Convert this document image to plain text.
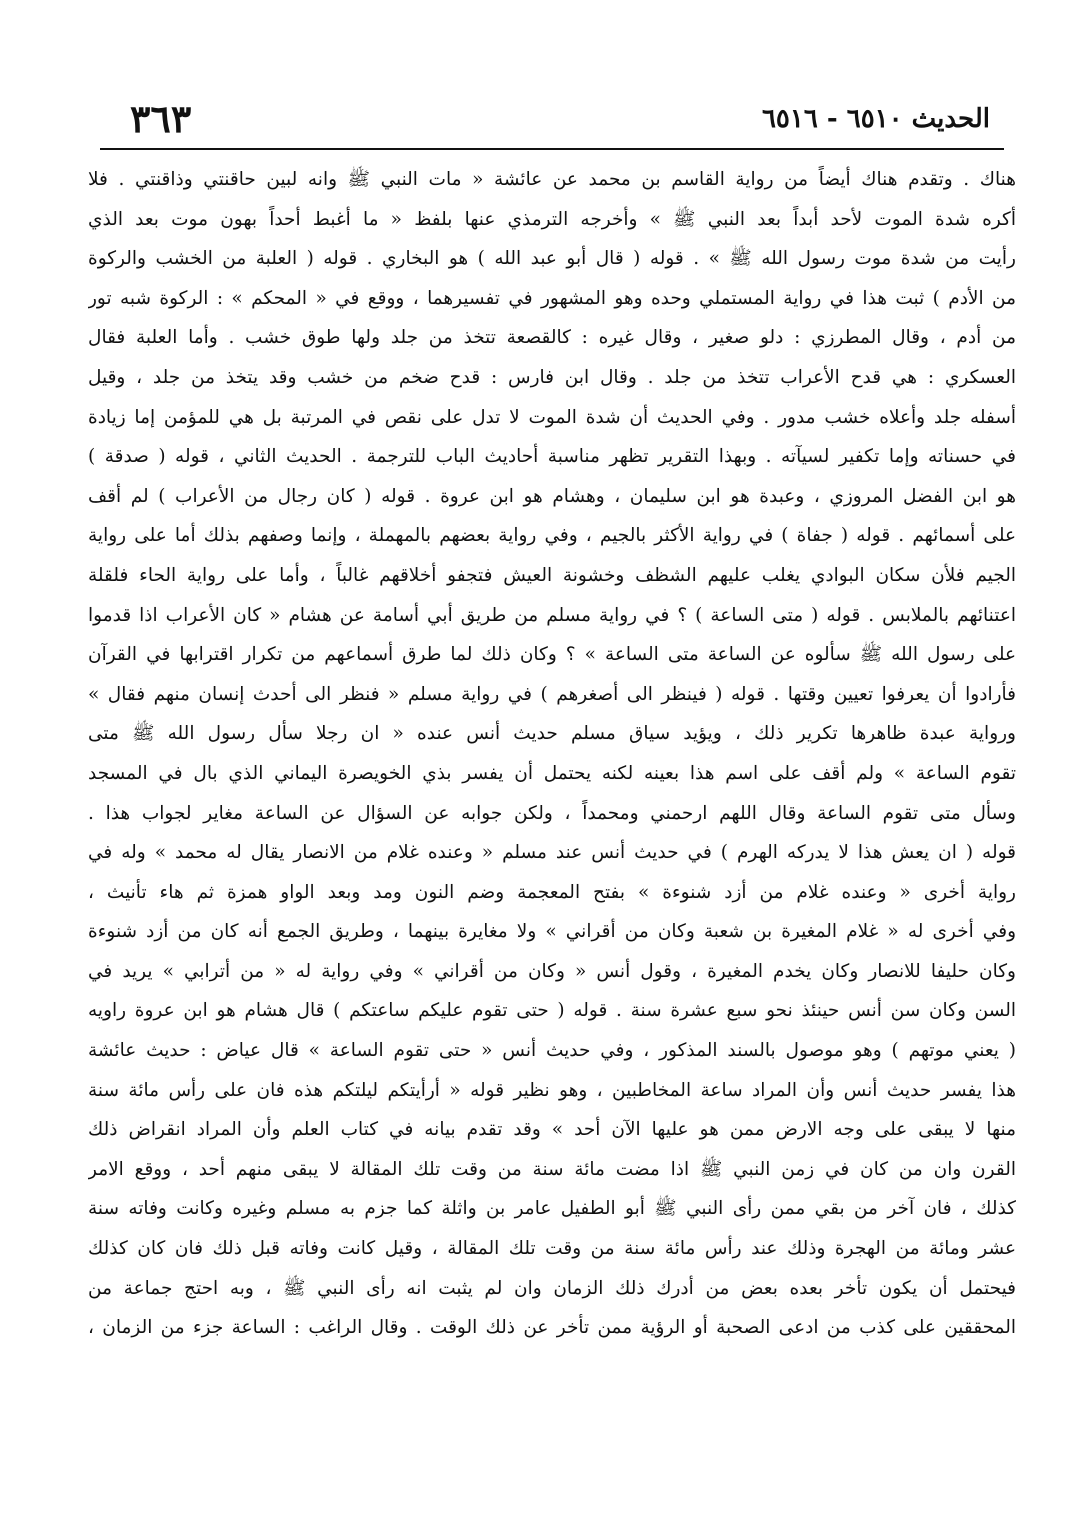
الحديث ٦٥١٠ - ٦٥١٦
٣٦٣
هناك . وتقدم هناك أيضاً من رواية القاسم بن محمد عن عائشة « مات النبي ﷺ وانه لبين حاقنتي وذاقنتي . فلا
أكره شدة الموت لأحد أبداً بعد النبي ﷺ » وأخرجه الترمذي عنها بلفظ « ما أغبط أحداً بهون موت بعد الذي
رأيت من شدة موت رسول الله ﷺ » . قوله ( قال أبو عبد الله ) هو البخاري . قوله ( العلبة من الخشب والركوة
من الأدم ) ثبت هذا في رواية المستملي وحده وهو المشهور في تفسيرهما ، ووقع في « المحكم » : الركوة شبه تور
من أدم ، وقال المطرزي : دلو صغير ، وقال غيره : كالقصعة تتخذ من جلد ولها طوق خشب . وأما العلبة فقال
العسكري : هي قدح الأعراب تتخذ من جلد . وقال ابن فارس : قدح ضخم من خشب وقد يتخذ من جلد ، وقيل
أسفله جلد وأعلاه خشب مدور . وفي الحديث أن شدة الموت لا تدل على نقص في المرتبة بل هي للمؤمن إما زيادة
في حسناته وإما تكفير لسيآته . وبهذا التقرير تظهر مناسبة أحاديث الباب للترجمة . الحديث الثاني ، قوله ( صدقة )
هو ابن الفضل المروزي ، وعبدة هو ابن سليمان ، وهشام هو ابن عروة . قوله ( كان رجال من الأعراب ) لم أقف
على أسمائهم . قوله ( جفاة ) في رواية الأكثر بالجيم ، وفي رواية بعضهم بالمهملة ، وإنما وصفهم بذلك أما على رواية
الجيم فلأن سكان البوادي يغلب عليهم الشظف وخشونة العيش فتجفو أخلاقهم غالباً ، وأما على رواية الحاء فلقلة
اعتنائهم بالملابس . قوله ( متى الساعة ) ؟ في رواية مسلم من طريق أبي أسامة عن هشام « كان الأعراب اذا قدموا
على رسول الله ﷺ سألوه عن الساعة متى الساعة » ؟ وكان ذلك لما طرق أسماعهم من تكرار اقترابها في القرآن
فأرادوا أن يعرفوا تعيين وقتها . قوله ( فينظر الى أصغرهم ) في رواية مسلم « فنظر الى أحدث إنسان منهم فقال »
ورواية عبدة ظاهرها تكرير ذلك ، ويؤيد سياق مسلم حديث أنس عنده « ان رجلا سأل رسول الله ﷺ متى
تقوم الساعة » ولم أقف على اسم هذا بعينه لكنه يحتمل أن يفسر بذي الخويصرة اليماني الذي بال في المسجد
وسأل متى تقوم الساعة وقال اللهم ارحمني ومحمداً ، ولكن جوابه عن السؤال عن الساعة مغاير لجواب هذا .
قوله ( ان يعش هذا لا يدركه الهرم ) في حديث أنس عند مسلم « وعنده غلام من الانصار يقال له محمد » وله في
رواية أخرى « وعنده غلام من أزد شنوءة » بفتح المعجمة وضم النون ومد وبعد الواو همزة ثم هاء تأنيث ،
وفي أخرى له « غلام المغيرة بن شعبة وكان من أقراني » ولا مغايرة بينهما ، وطريق الجمع أنه كان من أزد شنوءة
وكان حليفا للانصار وكان يخدم المغيرة ، وقول أنس « وكان من أقراني » وفي رواية له « من أترابي » يريد في
السن وكان سن أنس حينئذ نحو سبع عشرة سنة . قوله ( حتى تقوم عليكم ساعتكم ) قال هشام هو ابن عروة راويه
( يعني موتهم ) وهو موصول بالسند المذكور ، وفي حديث أنس « حتى تقوم الساعة » قال عياض : حديث عائشة
هذا يفسر حديث أنس وأن المراد ساعة المخاطبين ، وهو نظير قوله « أرأيتكم ليلتكم هذه فان على رأس مائة سنة
منها لا يبقى على وجه الارض ممن هو عليها الآن أحد » وقد تقدم بيانه في كتاب العلم وأن المراد انقراض ذلك
القرن وان من كان في زمن النبي ﷺ اذا مضت مائة سنة من وقت تلك المقالة لا يبقى منهم أحد ، ووقع الامر
كذلك ، فان آخر من بقي ممن رأى النبي ﷺ أبو الطفيل عامر بن واثلة كما جزم به مسلم وغيره وكانت وفاته سنة
عشر ومائة من الهجرة وذلك عند رأس مائة سنة من وقت تلك المقالة ، وقيل كانت وفاته قبل ذلك فان كان كذلك
فيحتمل أن يكون تأخر بعده بعض من أدرك ذلك الزمان وان لم يثبت انه رأى النبي ﷺ ، وبه احتج جماعة من
المحققين على كذب من ادعى الصحبة أو الرؤية ممن تأخر عن ذلك الوقت . وقال الراغب : الساعة جزء من الزمان ،
